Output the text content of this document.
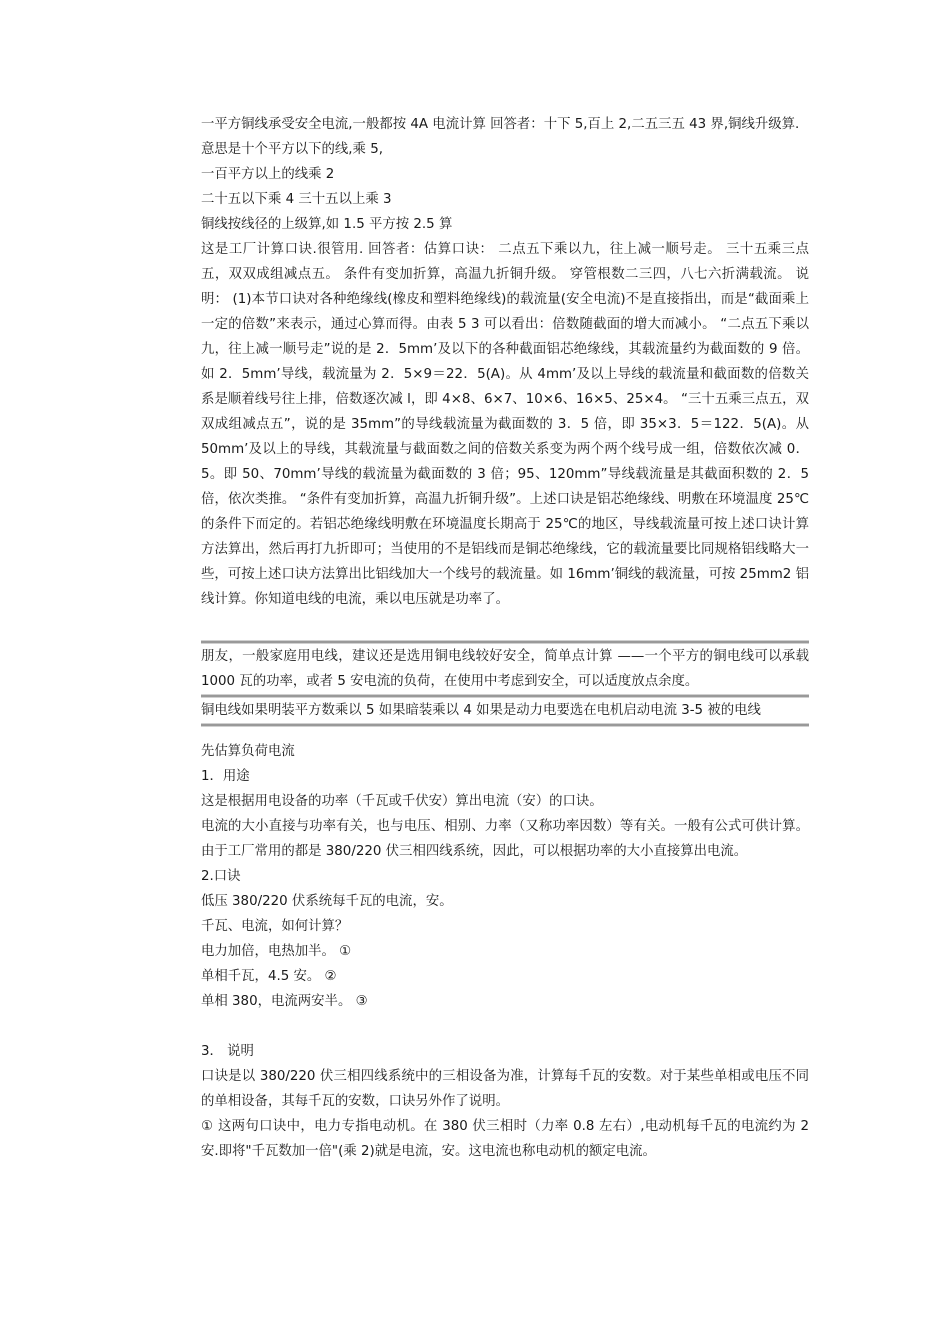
一平方铜线承受安全电流,一般都按 4A 电流计算 回答者：十下 5,百上 2,二五三五 43 界,铜线升级算.

意思是十个平方以下的线,乘 5,

一百平方以上的线乘 2

二十五以下乘 4 三十五以上乘 3

铜线按线径的上级算,如 1.5 平方按 2.5 算

这是工厂计算口诀.很管用. 回答者：估算口诀： 二点五下乘以九，往上减一顺号走。 三十五乘三点五，双双成组减点五。 条件有变加折算，高温九折铜升级。 穿管根数二三四，八七六折满载流。 说明： (1)本节口诀对各种绝缘线(橡皮和塑料绝缘线)的载流量(安全电流)不是直接指出，而是“截面乘上一定的倍数”来表示，通过心算而得。由表 5 3 可以看出：倍数随截面的增大而减小。 “二点五下乘以九，往上减一顺号走”说的是 2．5mm’及以下的各种截面铝芯绝缘线，其载流量约为截面数的 9 倍。如 2．5mm’导线，载流量为 2．5×9＝22．5(A)。从 4mm’及以上导线的载流量和截面数的倍数关系是顺着线号往上排，倍数逐次减 l，即 4×8、6×7、10×6、16×5、25×4。 “三十五乘三点五，双双成组减点五”，说的是 35mm”的导线载流量为截面数的 3．5 倍，即 35×3．5＝122．5(A)。从 50mm’及以上的导线，其载流量与截面数之间的倍数关系变为两个两个线号成一组，倍数依次减 0．5。即 50、70mm’导线的载流量为截面数的 3 倍；95、120mm”导线载流量是其截面积数的 2．5 倍，依次类推。 “条件有变加折算，高温九折铜升级”。上述口诀是铝芯绝缘线、明敷在环境温度 25℃的条件下而定的。若铝芯绝缘线明敷在环境温度长期高于 25℃的地区，导线载流量可按上述口诀计算方法算出，然后再打九折即可；当使用的不是铝线而是铜芯绝缘线，它的载流量要比同规格铝线略大一些，可按上述口诀方法算出比铝线加大一个线号的载流量。如 16mm’铜线的载流量，可按 25mm2 铝线计算。你知道电线的电流，乘以电压就是功率了。

朋友，一般家庭用电线，建议还是选用铜电线较好安全，简单点计算 ——一个平方的铜电线可以承载 1000 瓦的功率，或者 5 安电流的负荷，在使用中考虑到安全，可以适度放点余度。

铜电线如果明装平方数乘以 5 如果暗装乘以 4 如果是动力电要选在电机启动电流 3-5 被的电线

先估算负荷电流

1．用途

这是根据用电设备的功率（千瓦或千伏安）算出电流（安）的口诀。

电流的大小直接与功率有关，也与电压、相别、力率（又称功率因数）等有关。一般有公式可供计算。由于工厂常用的都是 380/220 伏三相四线系统，因此，可以根据功率的大小直接算出电流。

2.口诀

低压 380/220 伏系统每千瓦的电流，安。

千瓦、电流，如何计算？

电力加倍，电热加半。 ①

单相千瓦，4.5 安。 ②

单相 380，电流两安半。 ③

3． 说明

口诀是以 380/220 伏三相四线系统中的三相设备为准，计算每千瓦的安数。对于某些单相或电压不同的单相设备，其每千瓦的安数，口诀另外作了说明。

① 这两句口诀中，电力专指电动机。在 380 伏三相时（力率 0.8 左右）,电动机每千瓦的电流约为 2 安.即将"千瓦数加一倍"(乘 2)就是电流，安。这电流也称电动机的额定电流。
